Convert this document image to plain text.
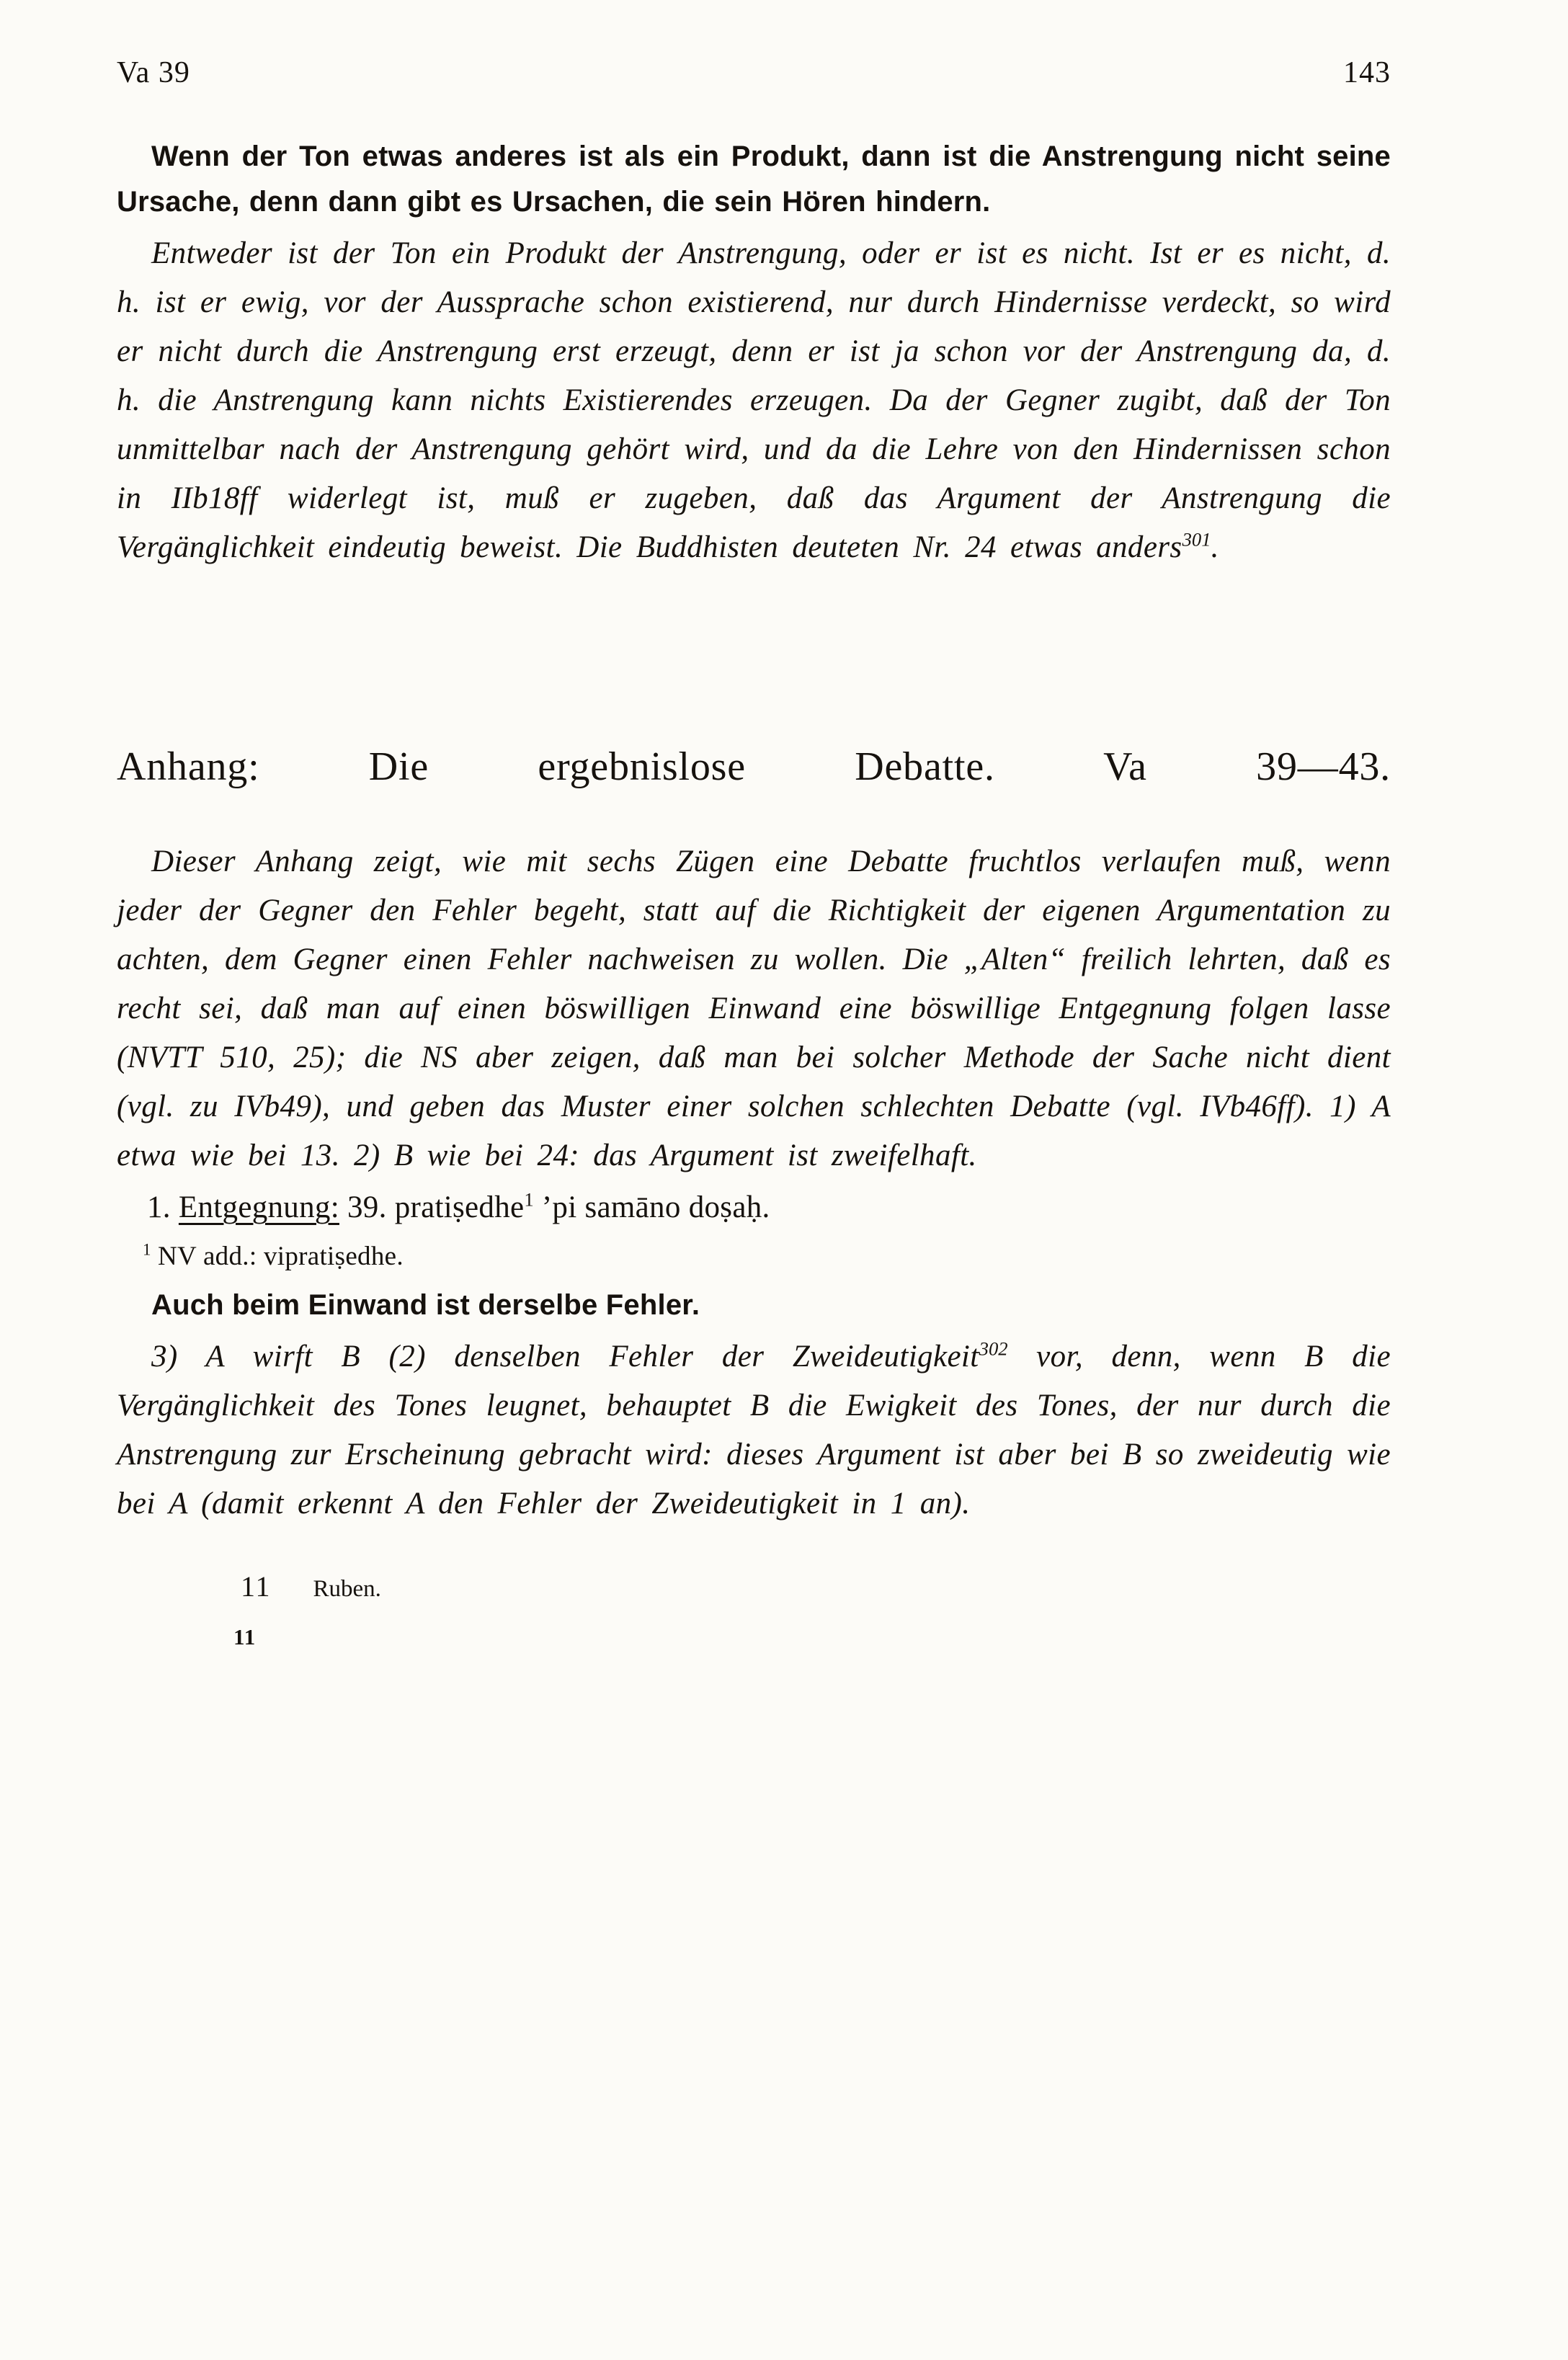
Va 39	143

Wenn der Ton etwas anderes ist als ein Produkt, dann ist die Anstrengung nicht seine Ursache, denn dann gibt es Ursachen, die sein Hören hindern.

Entweder ist der Ton ein Produkt der Anstrengung, oder er ist es nicht. Ist er es nicht, d. h. ist er ewig, vor der Aussprache schon existierend, nur durch Hindernisse verdeckt, so wird er nicht durch die Anstrengung erst erzeugt, denn er ist ja schon vor der Anstrengung da, d. h. die Anstrengung kann nichts Existierendes erzeugen. Da der Gegner zugibt, daß der Ton unmittelbar nach der Anstrengung gehört wird, und da die Lehre von den Hindernissen schon in IIb18ff widerlegt ist, muß er zugeben, daß das Argument der Anstrengung die Vergänglichkeit eindeutig beweist. Die Buddhisten deuteten Nr. 24 etwas anders$^{301}$.

Anhang: Die ergebnislose Debatte. Va 39—43.

Dieser Anhang zeigt, wie mit sechs Zügen eine Debatte fruchtlos verlaufen muß, wenn jeder der Gegner den Fehler begeht, statt auf die Richtigkeit der eigenen Argumentation zu achten, dem Gegner einen Fehler nachweisen zu wollen. Die „Alten“ freilich lehrten, daß es recht sei, daß man auf einen böswilligen Einwand eine böswillige Entgegnung folgen lasse (NVTT 510, 25); die NS aber zeigen, daß man bei solcher Methode der Sache nicht dient (vgl. zu IVb49), und geben das Muster einer solchen schlechten Debatte (vgl. IVb46ff). 1) A etwa wie bei 13. 2) B wie bei 24: das Argument ist zweifelhaft.

1. Entgegnung: 39. pratiṣedhe$^1$ ’pi samāno doṣaḥ.

$^1$ NV add.: vipratiṣedhe.

Auch beim Einwand ist derselbe Fehler.

3) A wirft B (2) denselben Fehler der Zweideutigkeit$^{302}$ vor, denn, wenn B die Vergänglichkeit des Tones leugnet, behauptet B die Ewigkeit des Tones, der nur durch die Anstrengung zur Erscheinung gebracht wird: dieses Argument ist aber bei B so zweideutig wie bei A (damit erkennt A den Fehler der Zweideutigkeit in 1 an).

11 Ruben.
11
